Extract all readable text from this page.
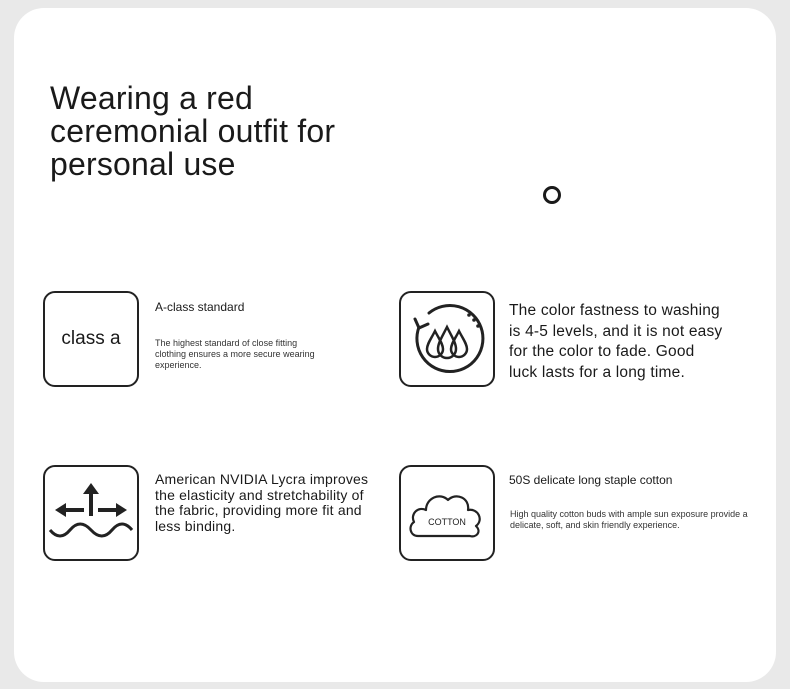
Wearing a red ceremonial outfit for personal use
class a
A-class standard
The highest standard of close fitting clothing ensures a more secure wearing experience.
The color fastness to washing is 4-5 levels, and it is not easy for the color to fade. Good luck lasts for a long time.
American NVIDIA Lycra improves the elasticity and stretchability of the fabric, providing more fit and less binding.	COTTON
50S delicate long staple cotton
High quality cotton buds with ample sun exposure provide a delicate, soft, and skin friendly experience.
